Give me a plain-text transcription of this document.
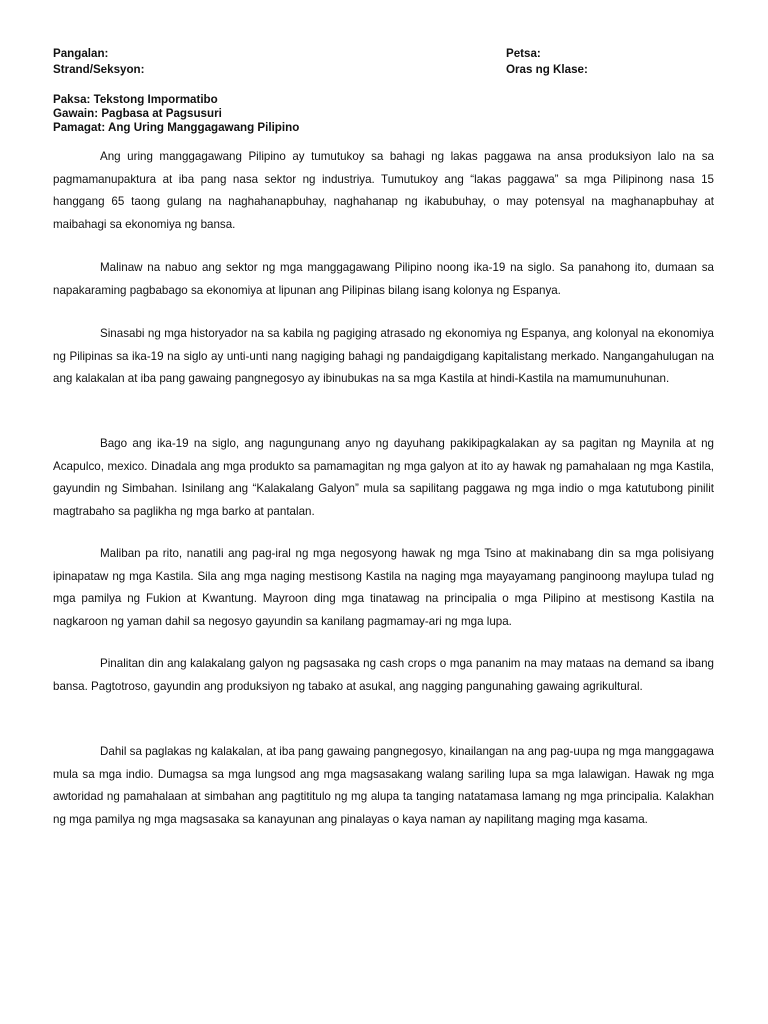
Pangalan:	Petsa:
Strand/Seksyon:	Oras ng Klase:
Paksa: Tekstong Impormatibo
Gawain: Pagbasa at Pagsusuri
Pamagat: Ang Uring Manggagawang Pilipino

Ang uring manggagawang Pilipino ay tumutukoy sa bahagi ng lakas paggawa na ansa produksiyon lalo na sa pagmamanupaktura at iba pang nasa sektor ng industriya. Tumutukoy ang “lakas paggawa” sa mga Pilipinong nasa 15 hanggang 65 taong gulang na naghahanapbuhay, naghahanap ng ikabubuhay, o may potensyal na maghanapbuhay at maibahagi sa ekonomiya ng bansa.

Malinaw na nabuo ang sektor ng mga manggagawang Pilipino noong ika-19 na siglo. Sa panahong ito, dumaan sa napakaraming pagbabago sa ekonomiya at lipunan ang Pilipinas bilang isang kolonya ng Espanya.

Sinasabi ng mga historyador na sa kabila ng pagiging atrasado ng ekonomiya ng Espanya, ang kolonyal na ekonomiya ng Pilipinas sa ika-19 na siglo ay unti-unti nang nagiging bahagi ng pandaigdigang kapitalistang merkado. Nangangahulugan na ang kalakalan at iba pang gawaing pangnegosyo ay ibinubukas na sa mga Kastila at hindi-Kastila na mamumunuhunan.

Bago ang ika-19 na siglo, ang nagungunang anyo ng dayuhang pakikipagkalakan ay sa pagitan ng Maynila at ng Acapulco, mexico. Dinadala ang mga produkto sa pamamagitan ng mga galyon at ito ay hawak ng pamahalaan ng mga Kastila, gayundin ng Simbahan. Isinilang ang “Kalakalang Galyon” mula sa sapilitang paggawa ng mga indio o mga katutubong pinilit magtrabaho sa paglikha ng mga barko at pantalan.

Maliban pa rito, nanatili ang pag-iral ng mga negosyong hawak ng mga Tsino at makinabang din sa mga polisiyang ipinapataw ng mga Kastila. Sila ang mga naging mestisong Kastila na naging mga mayayamang panginoong maylupa tulad ng mga pamilya ng Fukion at Kwantung. Mayroon ding mga tinatawag na principalia o mga Pilipino at mestisong Kastila na nagkaroon ng yaman dahil sa negosyo gayundin sa kanilang pagmamay-ari ng mga lupa.

Pinalitan din ang kalakalang galyon ng pagsasaka ng cash crops o mga pananim na may mataas na demand sa ibang bansa. Pagtotroso, gayundin ang produksiyon ng tabako at asukal, ang nagging pangunahing gawaing agrikultural.

Dahil sa paglakas ng kalakalan, at iba pang gawaing pangnegosyo, kinailangan na ang pag-uupa ng mga manggagawa mula sa mga indio. Dumagsa sa mga lungsod ang mga magsasakang walang sariling lupa sa mga lalawigan. Hawak ng mga awtoridad ng pamahalaan at simbahan ang pagtititulo ng mg alupa ta tanging natatamasa lamang ng mga principalia. Kalakhan ng mga pamilya ng mga magsasaka sa kanayunan ang pinalayas o kaya naman ay napilitang maging mga kasama.
